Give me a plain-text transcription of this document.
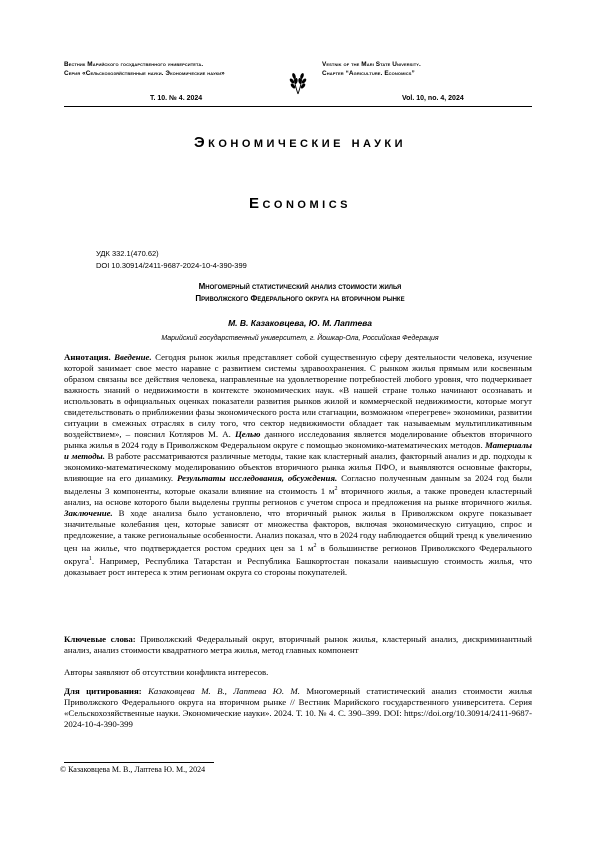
Вестник Марийского государственного университета.
Серия «Сельскохозяйственные науки. Экономические науки»
Vestnik of the Mari State University.
Chapter “Agriculture. Economics”
Т. 10. № 4. 2024	Vol. 10, no. 4, 2024
Экономические науки
Economics
УДК 332.1(470.62)
DOI 10.30914/2411-9687-2024-10-4-390-399
Многомерный статистический анализ стоимости жилья
Приволжского Федерального округа на вторичном рынке
М. В. Казаковцева, Ю. М. Лаптева
Марийский государственный университет, г. Йошкар-Ола, Российская Федерация
Аннотация. Введение. Сегодня рынок жилья представляет собой существенную сферу деятельности человека, изучение которой занимает свое место наравне с развитием системы здравоохранения. С рынком жилья прямым или косвенным образом связаны все действия человека, направленные на удовлетворение потребностей любого уровня, что подчеркивает важность знаний о недвижимости в контексте экономических наук. «В нашей стране только начинают осознавать и использовать в официальных оценках показатели развития рынков жилой и коммерческой недвижимости, которые могут свидетельствовать о приближении фазы экономического роста или стагнации, возможном «перегреве» экономики, развитии ситуации в смежных отраслях в силу того, что сектор недвижимости обладает так называемым мультипликативным воздействием», – пояснил Котляров М. А. Целью данного исследования является моделирование объектов вторичного рынка жилья в 2024 году в Приволжском Федеральном округе с помощью экономико-математических методов. Материалы и методы. В работе рассматриваются различные методы, такие как кластерный анализ, факторный анализ и др. подходы к экономико-математическому моделированию объектов вторичного рынка жилья ПФО, и выявляются основные факторы, влияющие на его динамику. Результаты исследования, обсуждения. Согласно полученным данным за 2024 год были выделены 3 компоненты, которые оказали влияние на стоимость 1 м2 вторичного жилья, а также проведен кластерный анализ, на основе которого были выделены группы регионов с учетом спроса и предложения на рынке вторичного жилья. Заключение. В ходе анализа было установлено, что вторичный рынок жилья в Приволжском округе показывает значительные колебания цен, которые зависят от множества факторов, включая экономическую ситуацию, спрос и предложение, а также региональные особенности. Анализ показал, что в 2024 году наблюдается общий тренд к увеличению цен на жилье, что подтверждается ростом средних цен за 1 м2 в большинстве регионов Приволжского Федерального округа1. Например, Республика Татарстан и Республика Башкортостан показали наивысшую стоимость жилья, что доказывает рост интереса к этим регионам округа со стороны покупателей.
Ключевые слова: Приволжский Федеральный округ, вторичный рынок жилья, кластерный анализ, дискриминантный анализ, анализ стоимости квадратного метра жилья, метод главных компонент
Авторы заявляют об отсутствии конфликта интересов.
Для цитирования: Казаковцева М. В., Лаптева Ю. М. Многомерный статистический анализ стоимости жилья Приволжского Федерального округа на вторичном рынке // Вестник Марийского государственного университета. Серия «Сельскохозяйственные науки. Экономические науки». 2024. Т. 10. № 4. С. 390–399. DOI: https://doi.org/10.30914/2411-9687-2024-10-4-390-399
© Казаковцева М. В., Лаптева Ю. М., 2024
